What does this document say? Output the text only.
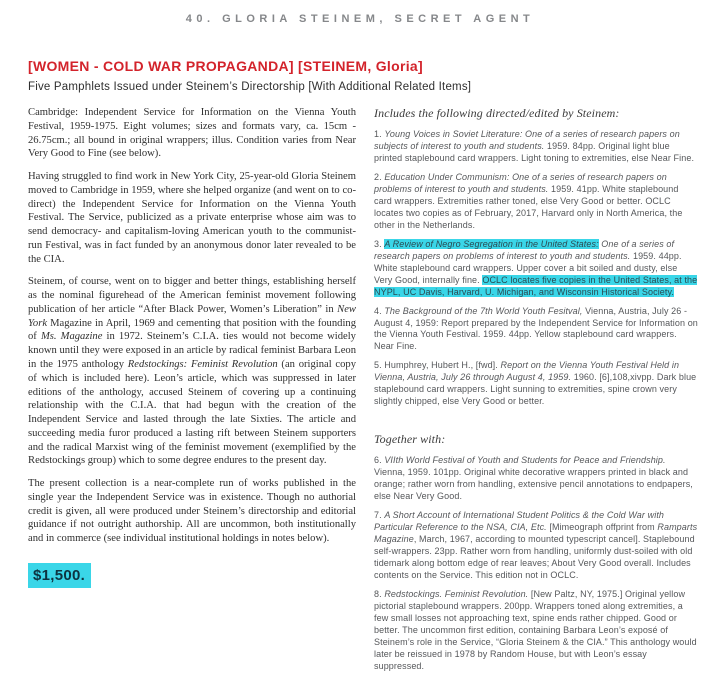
40. GLORIA STEINEM, SECRET AGENT
[WOMEN - COLD WAR PROPAGANDA] [STEINEM, Gloria]
Five Pamphlets Issued under Steinem’s Directorship [With Additional Related Items]

Cambridge: Independent Service for Information on the Vienna Youth Festival, 1959-1975. Eight volumes; sizes and formats vary, ca. 15cm - 26.75cm.; all bound in original wrappers; illus. Condition varies from Near Very Good to Fine (see below).

Having struggled to find work in New York City, 25-year-old Gloria Steinem moved to Cambridge in 1959, where she helped organize (and went on to co-direct) the Independent Service for Information on the Vienna Youth Festival. The Service, publicized as a private enterprise whose aim was to send democracy- and capitalism-loving American youth to the communist-run Festival, was in fact funded by an anonymous donor later revealed to be the CIA.

Steinem, of course, went on to bigger and better things, establishing herself as the nominal figurehead of the American feminist movement following publication of her article “After Black Power, Women’s Liberation” in New York Magazine in April, 1969 and cementing that position with the founding of Ms. Magazine in 1972. Steinem’s C.I.A. ties would not become widely known until they were exposed in an article by radical feminist Barbara Leon in the 1975 anthology Redstockings: Feminist Revolution (an original copy of which is included here). Leon’s article, which was suppressed in later editions of the anthology, accused Steinem of covering up a continuing relationship with the C.I.A. that had begun with the creation of the Independent Service and lasted through the late Sixties. The article and succeeding media furor produced a lasting rift between Steinem supporters and the radical Marxist wing of the feminist movement (exemplified by the Redstockings group) which to some degree endures to the present day.

The present collection is a near-complete run of works published in the single year the Independent Service was in existence. Though no authorial credit is given, all were produced under Steinem’s directorship and editorial guidance if not outright authorship. All are uncommon, both institutionally and in commerce (see individual institutional holdings in notes below).

$1,500.
Includes the following directed/edited by Steinem:

1. Young Voices in Soviet Literature: One of a series of research papers on subjects of interest to youth and students. 1959. 84pp. Original light blue printed staplebound card wrappers. Light toning to extremities, else Near Fine.

2. Education Under Communism: One of a series of research papers on problems of interest to youth and students. 1959. 41pp. White staplebound card wrappers. Extremities rather toned, else Very Good or better. OCLC locates two copies as of February, 2017, Harvard only in North America, the other in the Netherlands.

3. A Review of Negro Segregation in the United States: One of a series of research papers on problems of interest to youth and students. 1959. 44pp. White staplebound card wrappers. Upper cover a bit soiled and dusty, else Very Good, internally fine. OCLC locates five copies in the United States, at the NYPL, UC Davis, Harvard, U. Michigan, and Wisconsin Historical Society.

4. The Background of the 7th World Youth Fesitval, Vienna, Austria, July 26 - August 4, 1959: Report prepared by the Independent Service for Information on the Vienna Youth Festival. 1959. 44pp. Yellow staplebound card wrappers. Near Fine.

5. Humphrey, Hubert H., [fwd]. Report on the Vienna Youth Festival Held in Vienna, Austria, July 26 through August 4, 1959. 1960. [6],108,xivpp. Dark blue staplebound card wrappers. Light sunning to extremities, spine crown very slightly chipped, else Very Good or better.

Together with:

6. VIIth World Festival of Youth and Students for Peace and Friendship. Vienna, 1959. 101pp. Original white decorative wrappers printed in black and orange; rather worn from handling, extensive pencil annotations to endpapers, else Near Very Good.

7. A Short Account of International Student Politics & the Cold War with Particular Reference to the NSA, CIA, Etc. [Mimeograph offprint from Ramparts Magazine, March, 1967, according to mounted typescript cancel]. Staplebound self-wrappers. 23pp. Rather worn from handling, uniformly dust-soiled with old tidemark along bottom edge of rear leaves; About Very Good overall. Includes contents on the Service. This edition not in OCLC.

8. Redstockings. Feminist Revolution. [New Paltz, NY, 1975.] Original yellow pictorial staplebound wrappers. 200pp. Wrappers toned along extremities, a few small losses not approaching text, spine ends rather chipped. Good or better. The uncommon first edition, containing Barbara Leon’s exposé of Steinem’s role in the Service, “Gloria Steinem & the CIA.” This anthology would later be reissued in 1978 by Random House, but with Leon’s essay suppressed.
